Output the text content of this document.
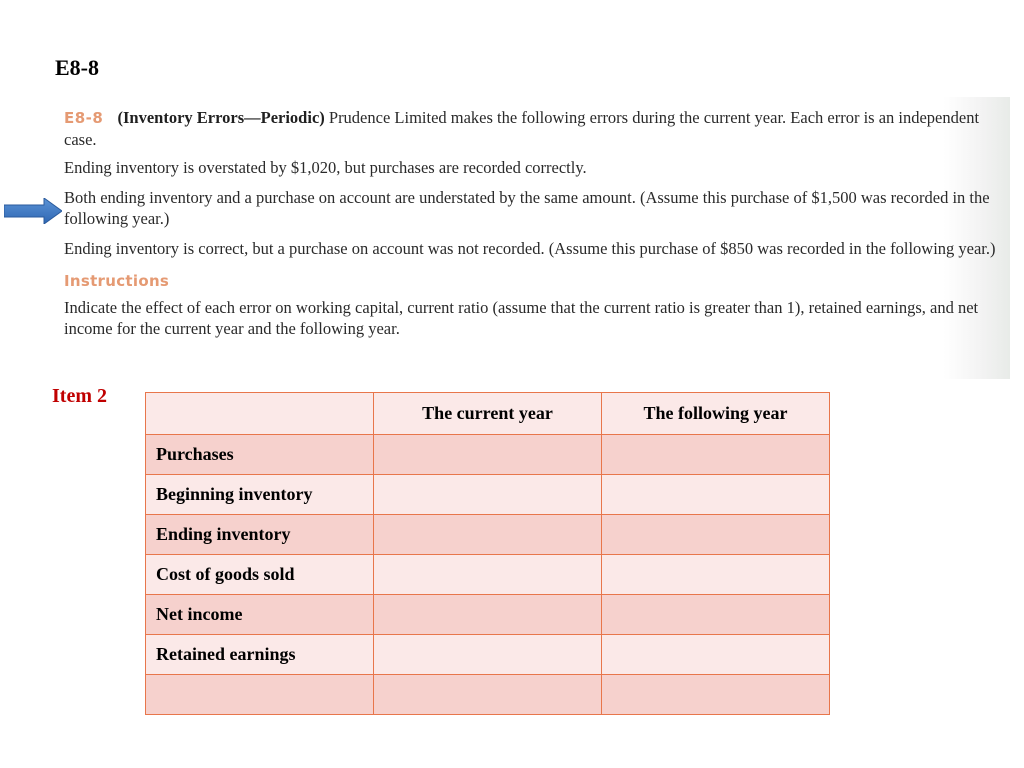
E8-8

E8-8 (Inventory Errors—Periodic) Prudence Limited makes the following errors during the current year. Each error is an independent case.

Ending inventory is overstated by $1,020, but purchases are recorded correctly.

Both ending inventory and a purchase on account are understated by the same amount. (Assume this purchase of $1,500 was recorded in the following year.)

Ending inventory is correct, but a purchase on account was not recorded. (Assume this purchase of $850 was recorded in the following year.)

Instructions

Indicate the effect of each error on working capital, current ratio (assume that the current ratio is greater than 1), retained earnings, and net income for the current year and the following year.

Item 2
	The current year	The following year
Purchases		
Beginning inventory		
Ending inventory		
Cost of goods sold		
Net income		
Retained earnings		
